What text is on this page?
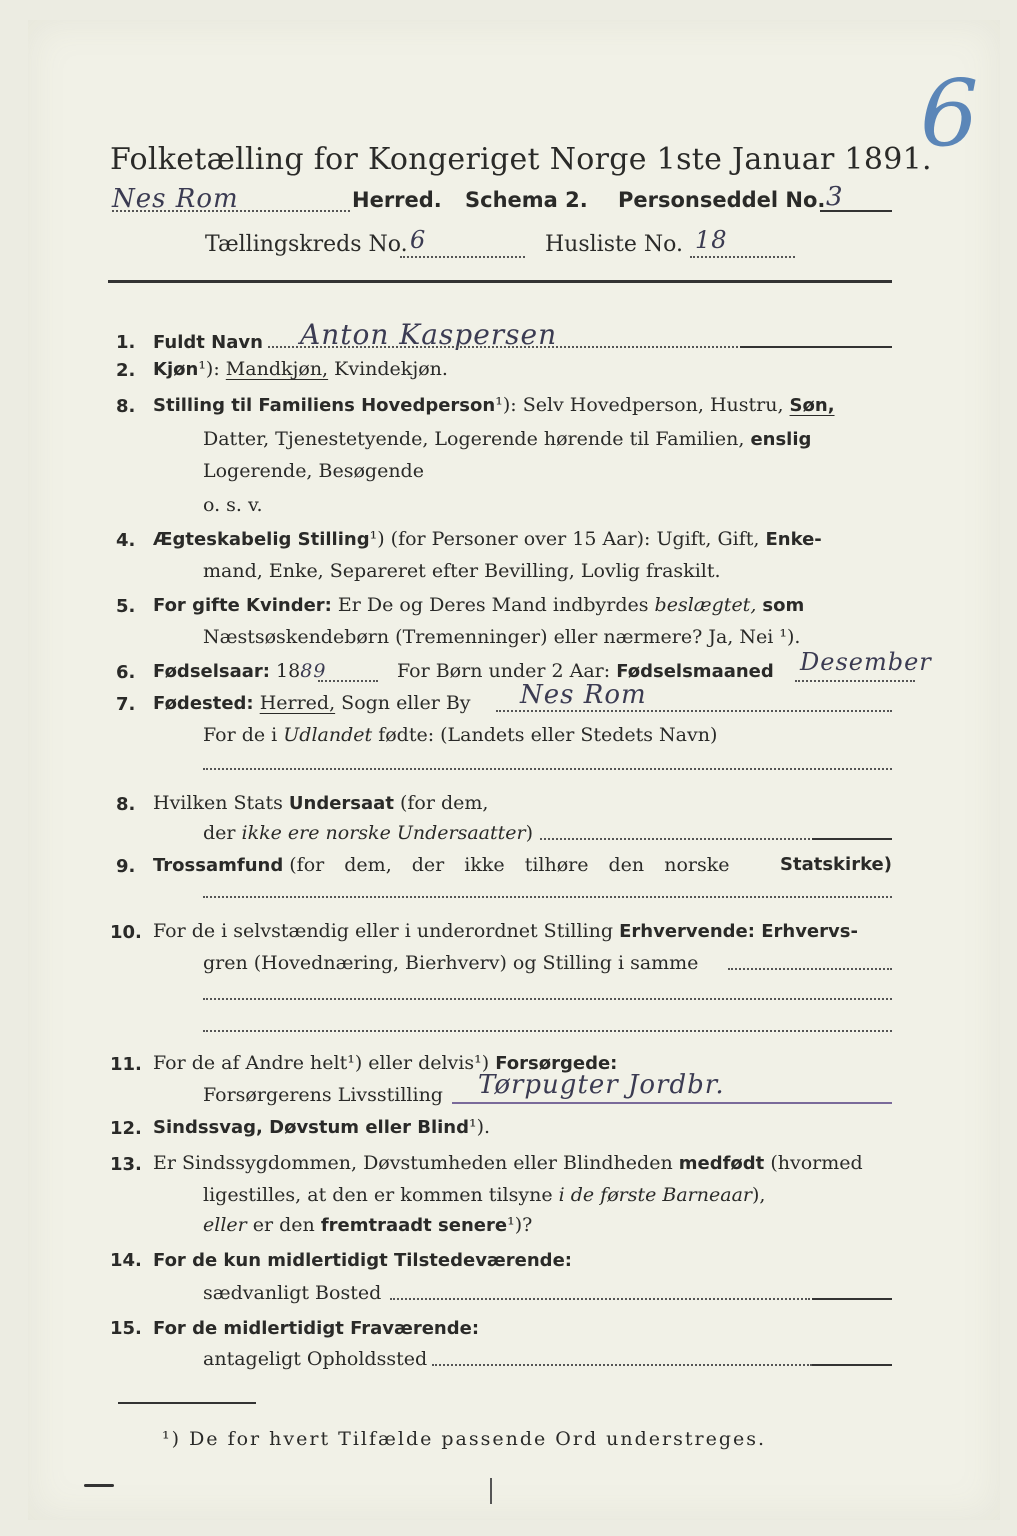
6
Folketælling for Kongeriget Norge 1ste Januar 1891.
Nes Rom	Herred. Schema 2. Personseddel No. 3
Tællingskreds No. 6	Husliste No. 18
1. Fuldt Navn Anton Kaspersen
2. Kjøn¹): Mandkjøn, Kvindekjøn.
8. Stilling til Familiens Hovedperson¹): Selv Hovedperson, Hustru, Søn,
Datter, Tjenestetyende, Logerende hørende til Familien, enslig
Logerende, Besøgende
o. s. v.
4. Ægteskabelig Stilling¹) (for Personer over 15 Aar): Ugift, Gift, Enke-
mand, Enke, Separeret efter Bevilling, Lovlig fraskilt.
5. For gifte Kvinder: Er De og Deres Mand indbyrdes beslægtet, som
Næstsøskendebørn (Tremenninger) eller nærmere? Ja, Nei ¹).
6. Fødselsaar: 1889	For Børn under 2 Aar: Fødselsmaaned Desember
7. Fødested: Herred, Sogn eller By Nes Rom
For de i Udlandet fødte: (Landets eller Stedets Navn)
8. Hvilken Stats Undersaat (for dem,
der ikke ere norske Undersaatter)
9. Trossamfund (for dem, der ikke tilhøre den norske	Statskirke)
10. For de i selvstændig eller i underordnet Stilling Erhvervende: Erhvervs-
gren (Hovednæring, Bierhverv) og Stilling i samme
11. For de af Andre helt¹) eller delvis¹) Forsørgede:
Forsørgerens Livsstilling Tørpugter Jordbr.
12. Sindssvag, Døvstum eller Blind¹).
13. Er Sindssygdommen, Døvstumheden eller Blindheden medfødt (hvormed
ligestilles, at den er kommen tilsyne i de første Barneaar),
eller er den fremtraadt senere¹)?
14. For de kun midlertidigt Tilstedeværende:
sædvanligt Bosted
15. For de midlertidigt Fraværende:
antageligt Opholdssted
¹) De for hvert Tilfælde passende Ord understreges.
